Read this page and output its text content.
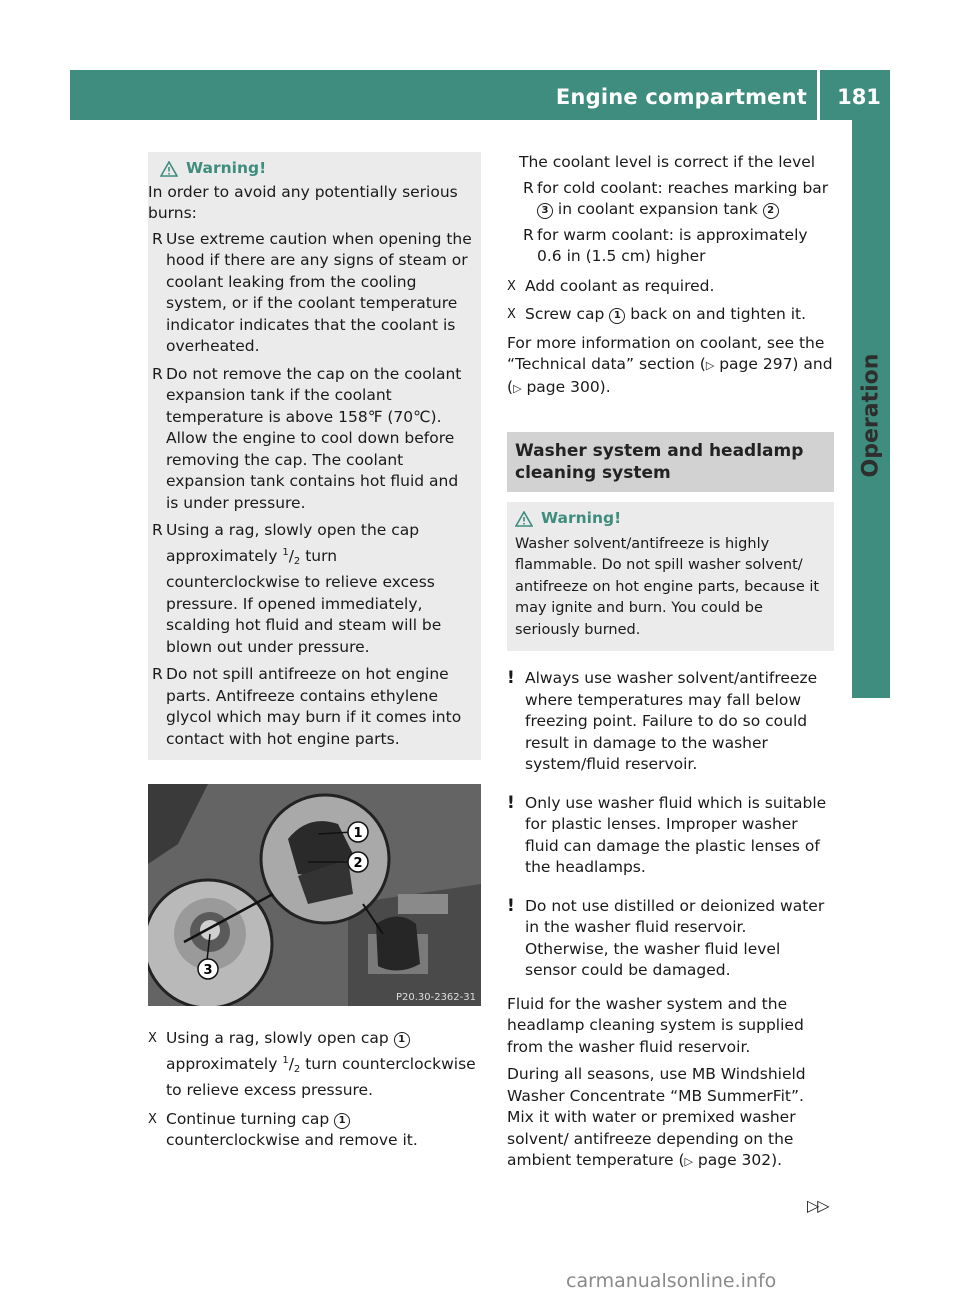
Engine compartment	181
Operation
Warning!

In order to avoid any potentially serious burns:

R Use extreme caution when opening the hood if there are any signs of steam or coolant leaking from the cooling system, or if the coolant temperature indicator indicates that the coolant is overheated.
R Do not remove the cap on the coolant expansion tank if the coolant temperature is above 158℉ (70℃). Allow the engine to cool down before removing the cap. The coolant expansion tank contains hot fluid and is under pressure.
R Using a rag, slowly open the cap approximately $^1/_2$ turn counterclockwise to relieve excess pressure. If opened immediately, scalding hot fluid and steam will be blown out under pressure.
R Do not spill antifreeze on hot engine parts. Antifreeze contains ethylene glycol which may burn if it comes into contact with hot engine parts.
1
2
3
P20.30-2362-31
X Using a rag, slowly open cap 1 approximately $^1/_2$ turn counterclockwise to relieve excess pressure.
X Continue turning cap 1 counterclockwise and remove it.

The coolant level is correct if the level

R for cold coolant: reaches marking bar 3 in coolant expansion tank 2
R for warm coolant: is approximately 0.6 in (1.5 cm) higher
X Add coolant as required.
X Screw cap 1 back on and tighten it.

For more information on coolant, see the “Technical data” section (▷ page 297) and (▷ page 300).

Washer system and headlamp cleaning system
Warning!

Washer solvent/antifreeze is highly flammable. Do not spill washer solvent/ antifreeze on hot engine parts, because it may ignite and burn. You could be seriously burned.

! Always use washer solvent/antifreeze where temperatures may fall below freezing point. Failure to do so could result in damage to the washer system/fluid reservoir.
! Only use washer fluid which is suitable for plastic lenses. Improper washer fluid can damage the plastic lenses of the headlamps.
! Do not use distilled or deionized water in the washer fluid reservoir. Otherwise, the washer fluid level sensor could be damaged.

Fluid for the washer system and the headlamp cleaning system is supplied from the washer fluid reservoir.

During all seasons, use MB Windshield Washer Concentrate “MB SummerFit”. Mix it with water or premixed washer solvent/ antifreeze depending on the ambient temperature (▷ page 302).

▷▷
carmanualsonline.info
